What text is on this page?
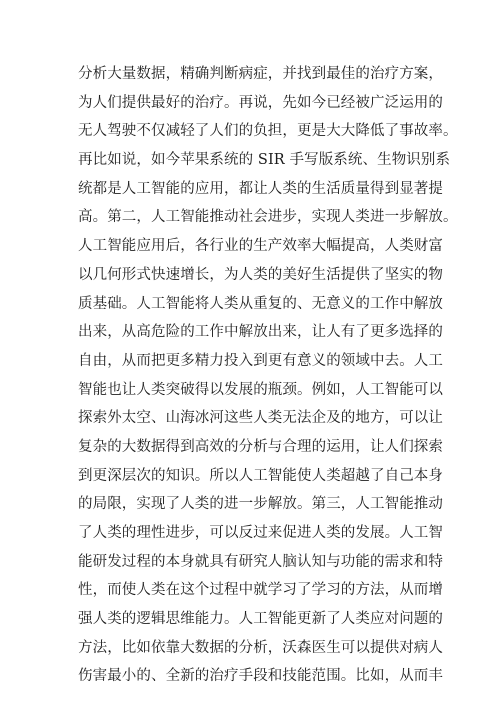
分析大量数据，精确判断病症，并找到最佳的治疗方案，
为人们提供最好的治疗。再说，先如今已经被广泛运用的
无人驾驶不仅减轻了人们的负担，更是大大降低了事故率。
再比如说，如今苹果系统的 SIR 手写版系统、生物识别系
统都是人工智能的应用，都让人类的生活质量得到显著提
高。第二，人工智能推动社会进步，实现人类进一步解放。
人工智能应用后，各行业的生产效率大幅提高，人类财富
以几何形式快速增长，为人类的美好生活提供了坚实的物
质基础。人工智能将人类从重复的、无意义的工作中解放
出来，从高危险的工作中解放出来，让人有了更多选择的
自由，从而把更多精力投入到更有意义的领域中去。人工
智能也让人类突破得以发展的瓶颈。例如，人工智能可以
探索外太空、山海冰河这些人类无法企及的地方，可以让
复杂的大数据得到高效的分析与合理的运用，让人们探索
到更深层次的知识。所以人工智能使人类超越了自己本身
的局限，实现了人类的进一步解放。第三，人工智能推动
了人类的理性进步，可以反过来促进人类的发展。人工智
能研发过程的本身就具有研究人脑认知与功能的需求和特
性，而使人类在这个过程中就学习了学习的方法，从而增
强人类的逻辑思维能力。人工智能更新了人类应对问题的
方法，比如依靠大数据的分析，沃森医生可以提供对病人
伤害最小的、全新的治疗手段和技能范围。比如，从而丰
